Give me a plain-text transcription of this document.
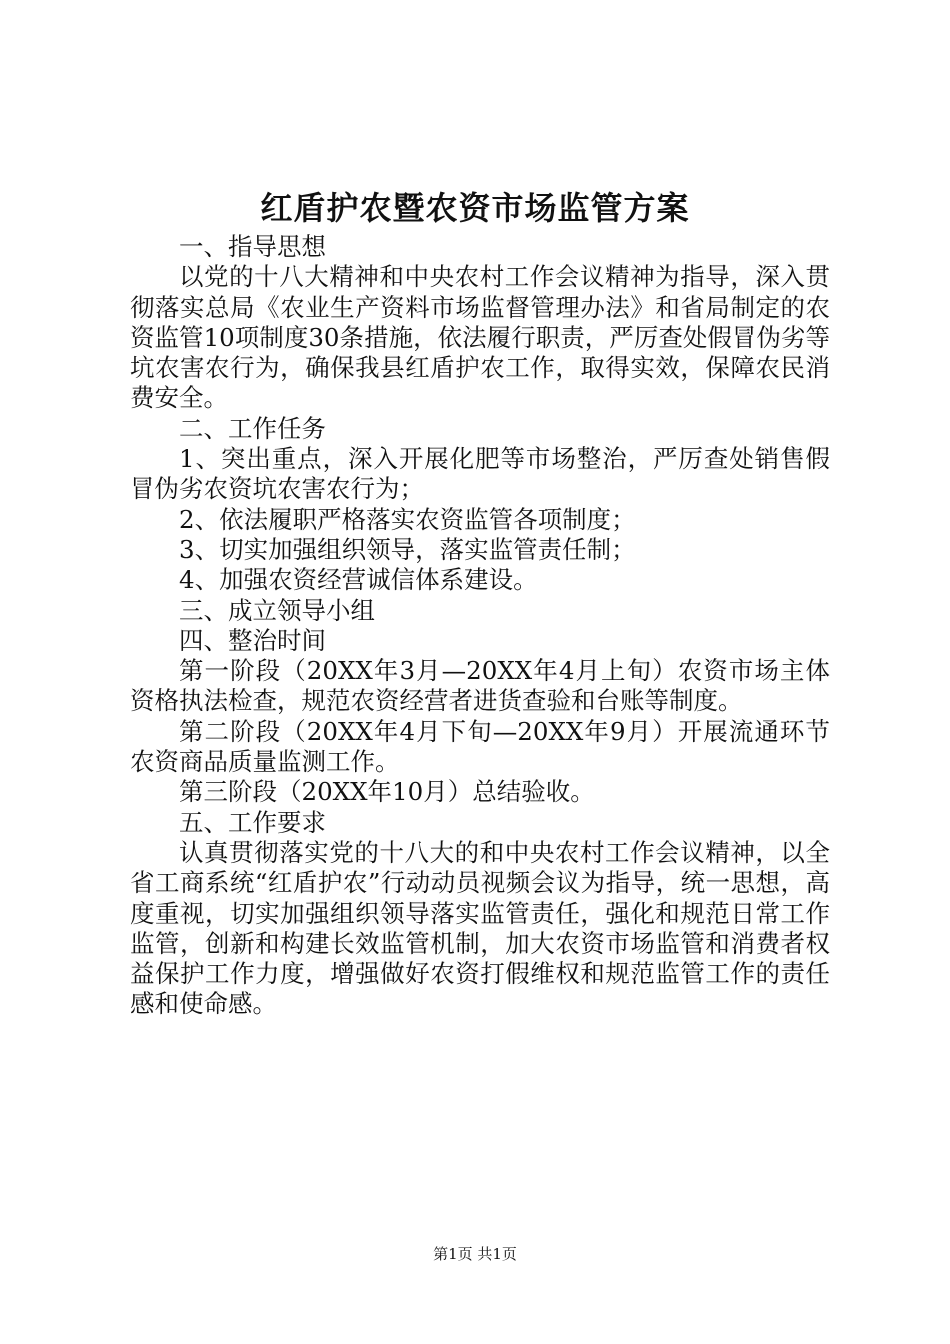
红盾护农暨农资市场监管方案

一、指导思想

以党的十八大精神和中央农村工作会议精神为指导，深入贯彻落实总局《农业生产资料市场监督管理办法》和省局制定的农资监管10项制度30条措施，依法履行职责，严厉查处假冒伪劣等坑农害农行为，确保我县红盾护农工作，取得实效，保障农民消费安全。

二、工作任务

1、突出重点，深入开展化肥等市场整治，严厉查处销售假冒伪劣农资坑农害农行为；

2、依法履职严格落实农资监管各项制度；

3、切实加强组织领导，落实监管责任制；

4、加强农资经营诚信体系建设。

三、成立领导小组

四、整治时间

第一阶段（20XX年3月—20XX年4月上旬）农资市场主体资格执法检查，规范农资经营者进货查验和台账等制度。

第二阶段（20XX年4月下旬—20XX年9月）开展流通环节农资商品质量监测工作。

第三阶段（20XX年10月）总结验收。

五、工作要求

认真贯彻落实党的十八大的和中央农村工作会议精神，以全省工商系统“红盾护农”行动动员视频会议为指导，统一思想，高度重视，切实加强组织领导落实监管责任，强化和规范日常工作监管，创新和构建长效监管机制，加大农资市场监管和消费者权益保护工作力度，增强做好农资打假维权和规范监管工作的责任感和使命感。

第1页 共1页
